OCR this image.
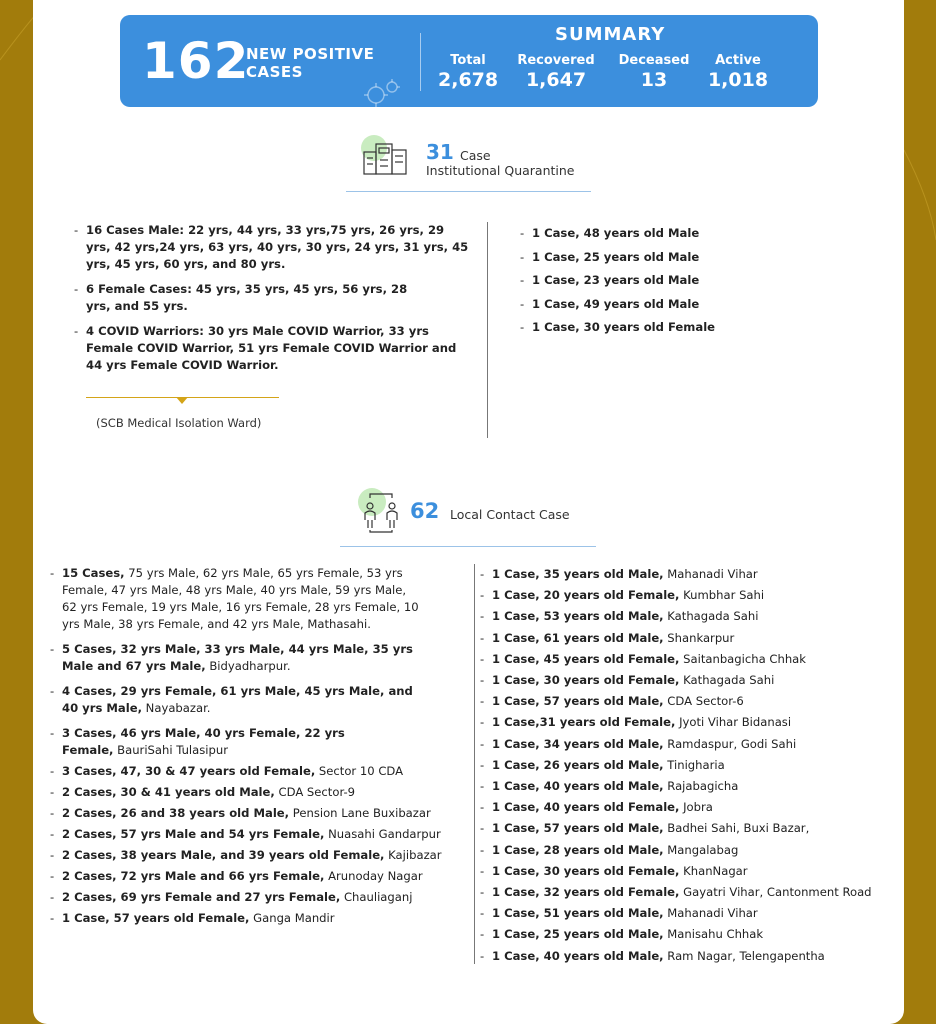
162
NEW POSITIVE
CASES
SUMMARY
Total
2,678
Recovered
1,647
Deceased
13
Active
1,018
31 Case
Institutional Quarantine
- 16 Cases Male: 22 yrs, 44 yrs, 33 yrs,75 yrs, 26 yrs, 29 yrs, 42 yrs,24 yrs, 63 yrs, 40 yrs, 30 yrs, 24 yrs, 31 yrs, 45 yrs, 45 yrs, 60 yrs, and 80 yrs.
- 6 Female Cases: 45 yrs, 35 yrs, 45 yrs, 56 yrs, 28 yrs, and 55 yrs.
- 4 COVID Warriors: 30 yrs Male COVID Warrior, 33 yrs Female COVID Warrior, 51 yrs Female COVID Warrior and 44 yrs Female COVID Warrior.
(SCB Medical Isolation Ward)
- 1 Case, 48 years old Male
- 1 Case, 25 years old Male
- 1 Case, 23 years old Male
- 1 Case, 49 years old Male
- 1 Case, 30 years old Female
62 Local Contact Case
- 15 Cases, 75 yrs Male, 62 yrs Male, 65 yrs Female, 53 yrs Female, 47 yrs Male, 48 yrs Male, 40 yrs Male, 59 yrs Male, 62 yrs Female, 19 yrs Male, 16 yrs Female, 28 yrs Female, 10 yrs Male, 38 yrs Female, and 42 yrs Male, Mathasahi.
- 5 Cases, 32 yrs Male, 33 yrs Male, 44 yrs Male, 35 yrs Male and 67 yrs Male, Bidyadharpur.
- 4 Cases, 29 yrs Female, 61 yrs Male, 45 yrs Male, and 40 yrs Male, Nayabazar.
- 3 Cases, 46 yrs Male, 40 yrs Female, 22 yrs Female, BauriSahi Tulasipur
- 3 Cases, 47, 30 & 47 years old Female, Sector 10 CDA
- 2 Cases, 30 & 41 years old Male, CDA Sector-9
- 2 Cases, 26 and 38 years old Male, Pension Lane Buxibazar
- 2 Cases, 57 yrs Male and 54 yrs Female, Nuasahi Gandarpur
- 2 Cases, 38 years Male, and 39 years old Female, Kajibazar
- 2 Cases, 72 yrs Male and 66 yrs Female, Arunoday Nagar
- 2 Cases, 69 yrs Female and 27 yrs Female, Chauliaganj
- 1 Case, 57 years old Female, Ganga Mandir
- 1 Case, 35 years old Male, Mahanadi Vihar
- 1 Case, 20 years old Female, Kumbhar Sahi
- 1 Case, 53 years old Male, Kathagada Sahi
- 1 Case, 61 years old Male, Shankarpur
- 1 Case, 45 years old Female, Saitanbagicha Chhak
- 1 Case, 30 years old Female, Kathagada Sahi
- 1 Case, 57 years old Male, CDA Sector-6
- 1 Case,31 years old Female, Jyoti Vihar Bidanasi
- 1 Case, 34 years old Male, Ramdaspur, Godi Sahi
- 1 Case, 26 years old Male, Tinigharia
- 1 Case, 40 years old Male, Rajabagicha
- 1 Case, 40 years old Female, Jobra
- 1 Case, 57 years old Male, Badhei Sahi, Buxi Bazar,
- 1 Case, 28 years old Male, Mangalabag
- 1 Case, 30 years old Female, KhanNagar
- 1 Case, 32 years old Female, Gayatri Vihar, Cantonment Road
- 1 Case, 51 years old Male, Mahanadi Vihar
- 1 Case, 25 years old Male, Manisahu Chhak
- 1 Case, 40 years old Male, Ram Nagar, Telengapentha
